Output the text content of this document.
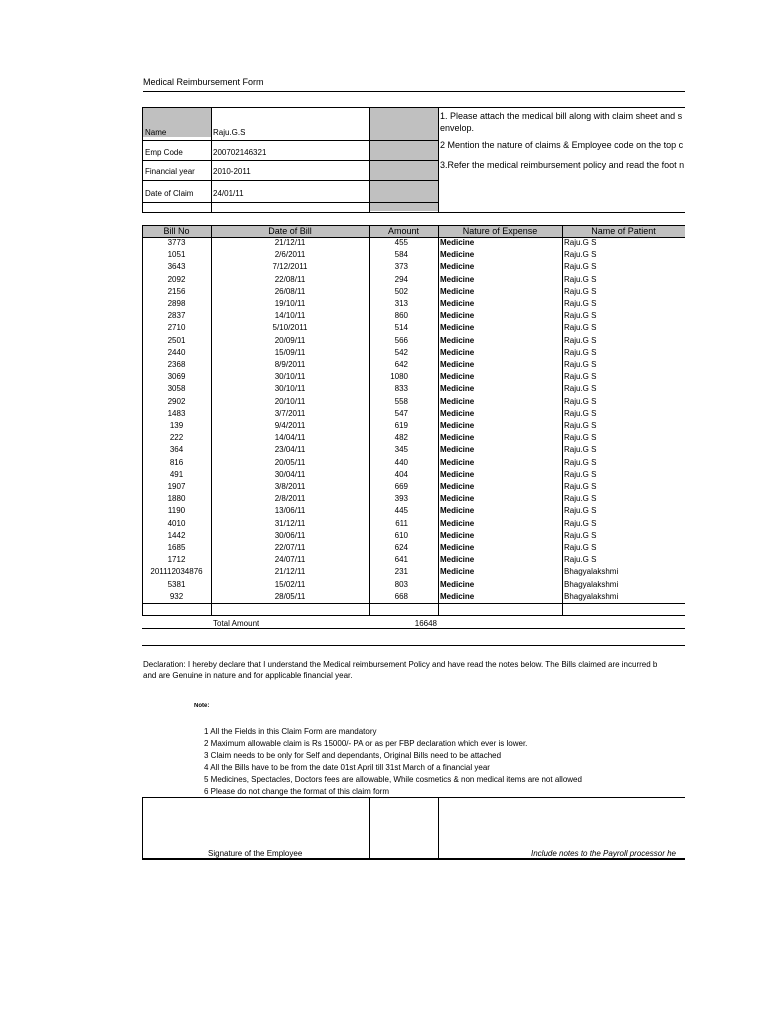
Medical Reimbursement Form
Name	Raju.G.S
Emp Code	200702146321
Financial year 2010-2011
Date of Claim 24/01/11
1. Please attach the medical bill along with claim sheet and s
envelop.
2 Mention the nature of claims & Employee code on the top c
3.Refer the medical reimbursement policy and read the foot n
Bill No	Date of Bill	Amount	Nature of Expense	Name of Patient
3773	21/12/11	455	Medicine	Raju.G S
1051	2/6/2011	584	Medicine	Raju.G S
3643	7/12/2011	373	Medicine	Raju.G S
2092	22/08/11	294	Medicine	Raju.G S
2156	26/08/11	502	Medicine	Raju.G S
2898	19/10/11	313	Medicine	Raju.G S
2837	14/10/11	860	Medicine	Raju.G S
2710	5/10/2011	514	Medicine	Raju.G S
2501	20/09/11	566	Medicine	Raju.G S
2440	15/09/11	542	Medicine	Raju.G S
2368	8/9/2011	642	Medicine	Raju.G S
3069	30/10/11	1080	Medicine	Raju.G S
3058	30/10/11	833	Medicine	Raju.G S
2902	20/10/11	558	Medicine	Raju.G S
1483	3/7/2011	547	Medicine	Raju.G S
139	9/4/2011	619	Medicine	Raju.G S
222	14/04/11	482	Medicine	Raju.G S
364	23/04/11	345	Medicine	Raju.G S
816	20/05/11	440	Medicine	Raju.G S
491	30/04/11	404	Medicine	Raju.G S
1907	3/8/2011	669	Medicine	Raju.G S
1880	2/8/2011	393	Medicine	Raju.G S
1190	13/06/11	445	Medicine	Raju.G S
4010	31/12/11	611	Medicine	Raju.G S
1442	30/06/11	610	Medicine	Raju.G S
1685	22/07/11	624	Medicine	Raju.G S
1712	24/07/11	641	Medicine	Raju.G S
201112034876	21/12/11	231	Medicine	Bhagyalakshmi
5381	15/02/11	803	Medicine	Bhagyalakshmi
932	28/05/11	668	Medicine	Bhagyalakshmi
Total Amount	16648
Declaration: I hereby declare that I understand the Medical reimbursement Policy and have read the notes below. The Bills claimed are incurred b
and are Genuine in nature and for applicable financial year.
Note:
1 All the Fields in this Claim Form are mandatory
2 Maximum allowable claim is Rs 15000/- PA or as per FBP declaration which ever is lower.
3 Claim needs to be only for Self and dependants, Original Bills need to be attached
4 All the Bills have to be from the date 01st April till 31st March of a financial year
5 Medicines, Spectacles, Doctors fees are allowable, While cosmetics & non medical items are not allowed
6 Please do not change the format of this claim form
Signature of the Employee	Include notes to the Payroll processor he
